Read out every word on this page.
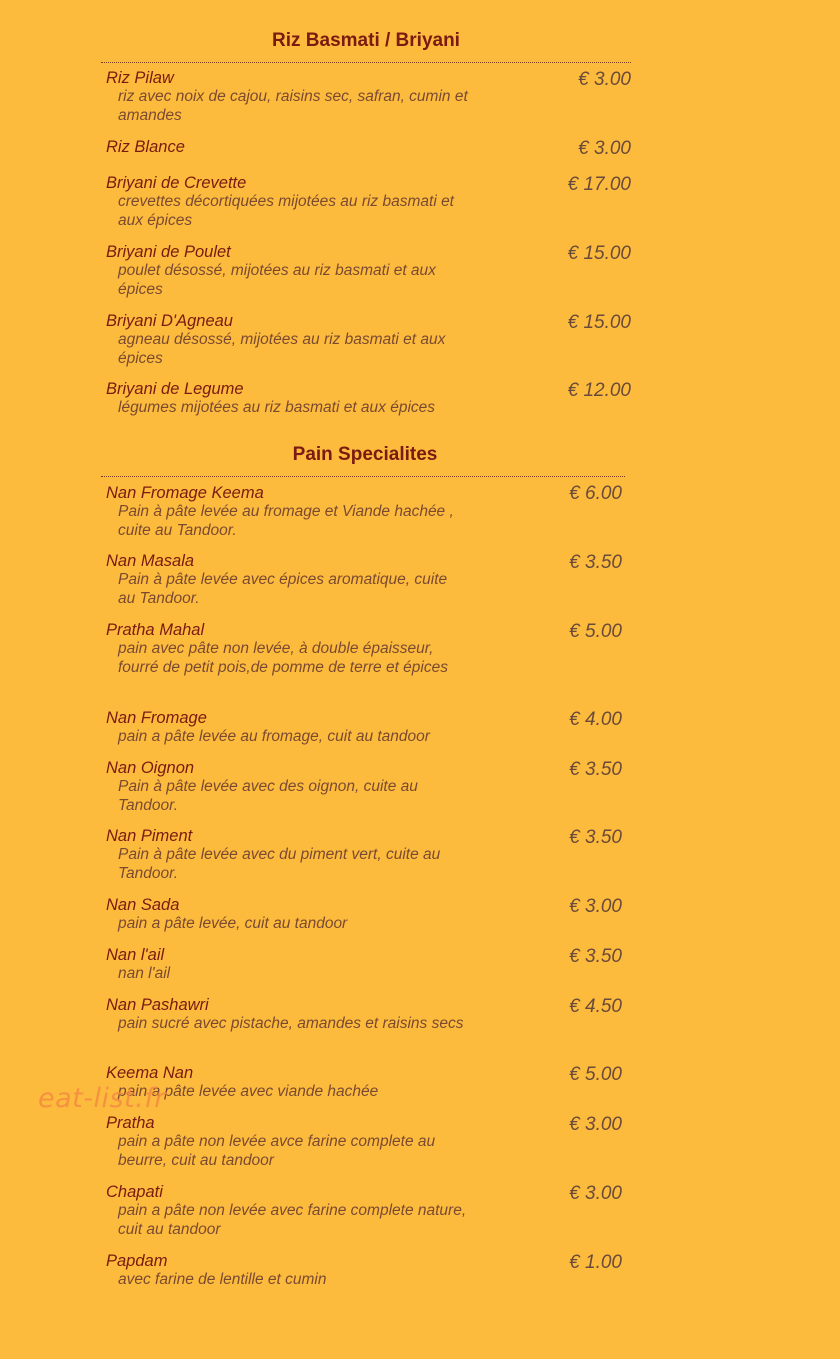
Riz Basmati / Briyani
Riz Pilaw
riz avec noix de cajou, raisins sec, safran, cumin et amandes
€ 3.00
Riz Blance	€ 3.00
Briyani de Crevette
crevettes décortiquées mijotées au riz basmati et aux épices
€ 17.00
Briyani de Poulet
poulet désossé, mijotées au riz basmati et aux épices
€ 15.00
Briyani D'Agneau
agneau désossé, mijotées au riz basmati et aux épices
€ 15.00
Briyani de Legume
légumes mijotées au riz basmati et aux épices
€ 12.00
Pain Specialites
Nan Fromage Keema
Pain à pâte levée au fromage et Viande hachée , cuite au Tandoor.
€ 6.00
Nan Masala
Pain à pâte levée avec épices aromatique, cuite au Tandoor.
€ 3.50
Pratha Mahal
pain avec pâte non levée, à double épaisseur, fourré de petit pois,de pomme de terre et épices
€ 5.00
Nan Fromage
pain a pâte levée au fromage, cuit au tandoor
€ 4.00
Nan Oignon
Pain à pâte levée avec des oignon, cuite au Tandoor.
€ 3.50
Nan Piment
Pain à pâte levée avec du piment vert, cuite au Tandoor.
€ 3.50
Nan Sada
pain a pâte levée, cuit au tandoor
€ 3.00
Nan l'ail
nan l'ail
€ 3.50
Nan Pashawri
pain sucré avec pistache, amandes et raisins secs
€ 4.50
Keema Nan
pain a pâte levée avec viande hachée
€ 5.00
Pratha
pain a pâte non levée avce farine complete au beurre, cuit au tandoor
€ 3.00
Chapati
pain a pâte non levée avec farine complete nature, cuit au tandoor
€ 3.00
Papdam
avec farine de lentille et cumin
€ 1.00
eat-list.fr
